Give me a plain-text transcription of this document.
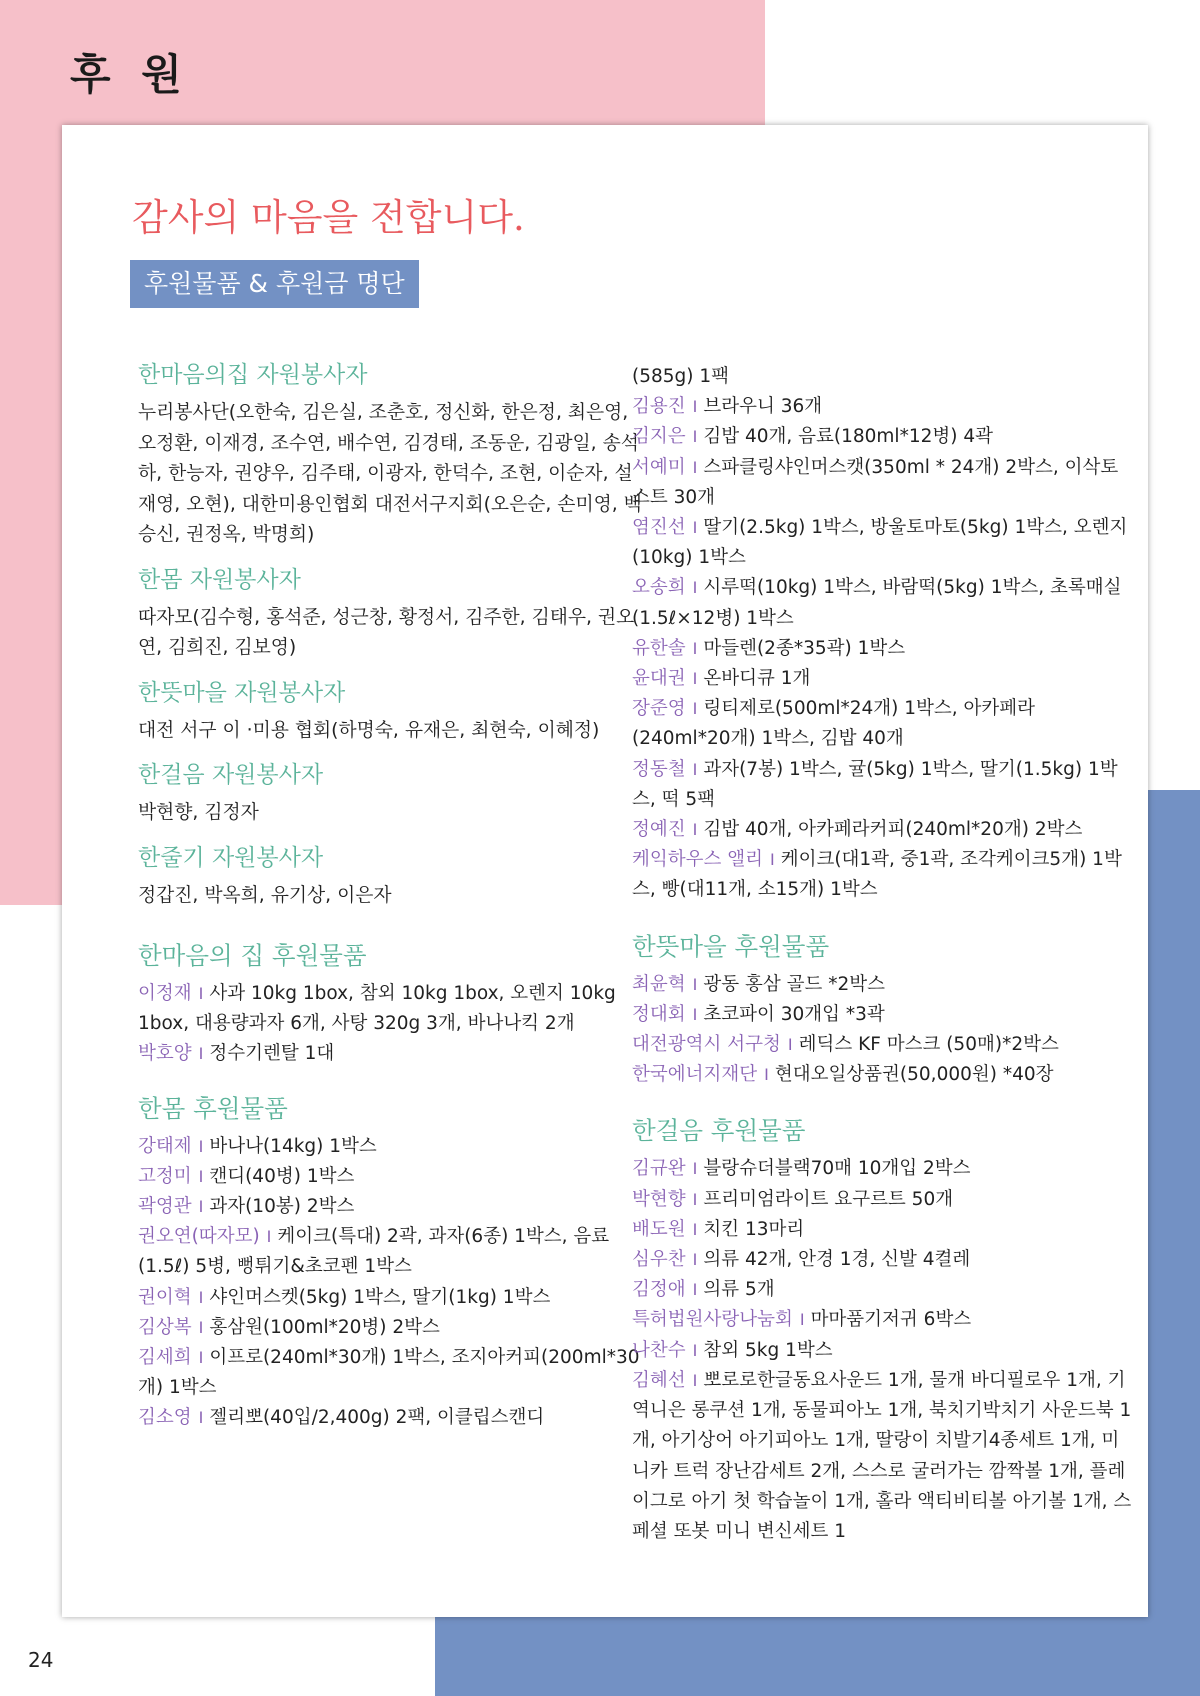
후 원
감사의 마음을 전합니다.
후원물품 & 후원금 명단
한마음의집 자원봉사자

누리봉사단(오한숙, 김은실, 조춘호, 정신화, 한은정, 최은영, 오정환, 이재경, 조수연, 배수연, 김경태, 조동운, 김광일, 송석하, 한능자, 권양우, 김주태, 이광자, 한덕수, 조현, 이순자, 설재영, 오현), 대한미용인협회 대전서구지회(오은순, 손미영, 백승신, 권정옥, 박명희)

한몸 자원봉사자

따자모(김수형, 홍석준, 성근창, 황정서, 김주한, 김태우, 권오연, 김희진, 김보영)

한뜻마을 자원봉사자

대전 서구 이 ·미용 협회(하명숙, 유재은, 최현숙, 이혜정)

한걸음 자원봉사자

박현향, 김정자

한줄기 자원봉사자

정갑진, 박옥희, 유기상, 이은자

한마음의 집 후원물품
이정재 I 사과 10kg 1box, 참외 10kg 1box, 오렌지 10kg 1box, 대용량과자 6개, 사탕 320g 3개, 바나나킥 2개
박호양 I 정수기렌탈 1대
한몸 후원물품
강태제 I 바나나(14kg) 1박스
고정미 I 캔디(40병) 1박스
곽영관 I 과자(10봉) 2박스
권오연(따자모) I 케이크(특대) 2곽, 과자(6종) 1박스, 음료(1.5ℓ) 5병, 뻥튀기&초코펜 1박스
권이혁 I 샤인머스켓(5kg) 1박스, 딸기(1kg) 1박스
김상복 I 홍삼원(100ml*20병) 2박스
김세희 I 이프로(240ml*30개) 1박스, 조지아커피(200ml*30개) 1박스
김소영 I 젤리뽀(40입/2,400g) 2팩, 이클립스캔디
(585g) 1팩
김용진 I 브라우니 36개
김지은 I 김밥 40개, 음료(180ml*12병) 4곽
서예미 I 스파클링샤인머스캣(350ml * 24개) 2박스, 이삭토스트 30개
염진선 I 딸기(2.5kg) 1박스, 방울토마토(5kg) 1박스, 오렌지(10kg) 1박스
오송희 I 시루떡(10kg) 1박스, 바람떡(5kg) 1박스, 초록매실(1.5ℓ×12병) 1박스
유한솔 I 마들렌(2종*35곽) 1박스
윤대권 I 온바디큐 1개
장준영 I 링티제로(500ml*24개) 1박스, 아카페라(240ml*20개) 1박스, 김밥 40개
정동철 I 과자(7봉) 1박스, 귤(5kg) 1박스, 딸기(1.5kg) 1박스, 떡 5팩
정예진 I 김밥 40개, 아카페라커피(240ml*20개) 2박스
케익하우스 앨리 I 케이크(대1곽, 중1곽, 조각케이크5개) 1박스, 빵(대11개, 소15개) 1박스
한뜻마을 후원물품
최윤혁 I 광동 홍삼 골드 *2박스
정대회 I 초코파이 30개입 *3곽
대전광역시 서구청 I 레딕스 KF 마스크 (50매)*2박스
한국에너지재단 I 현대오일상품권(50,000원) *40장
한걸음 후원물품
김규완 I 블랑슈더블랙70매 10개입 2박스
박현향 I 프리미엄라이트 요구르트 50개
배도원 I 치킨 13마리
심우찬 I 의류 42개, 안경 1경, 신발 4켤레
김정애 I 의류 5개
특허법원사랑나눔회 I 마마품기저귀 6박스
나찬수 I 참외 5kg 1박스
김혜선 I 뽀로로한글동요사운드 1개, 물개 바디필로우 1개, 기역니은 롱쿠션 1개, 동물피아노 1개, 북치기박치기 사운드북 1개, 아기상어 아기피아노 1개, 딸랑이 치발기4종세트 1개, 미니카 트럭 장난감세트 2개, 스스로 굴러가는 깜짝볼 1개, 플레이그로 아기 첫 학습놀이 1개, 홀라 액티비티볼 아기볼 1개, 스페셜 또봇 미니 변신세트 1
24
